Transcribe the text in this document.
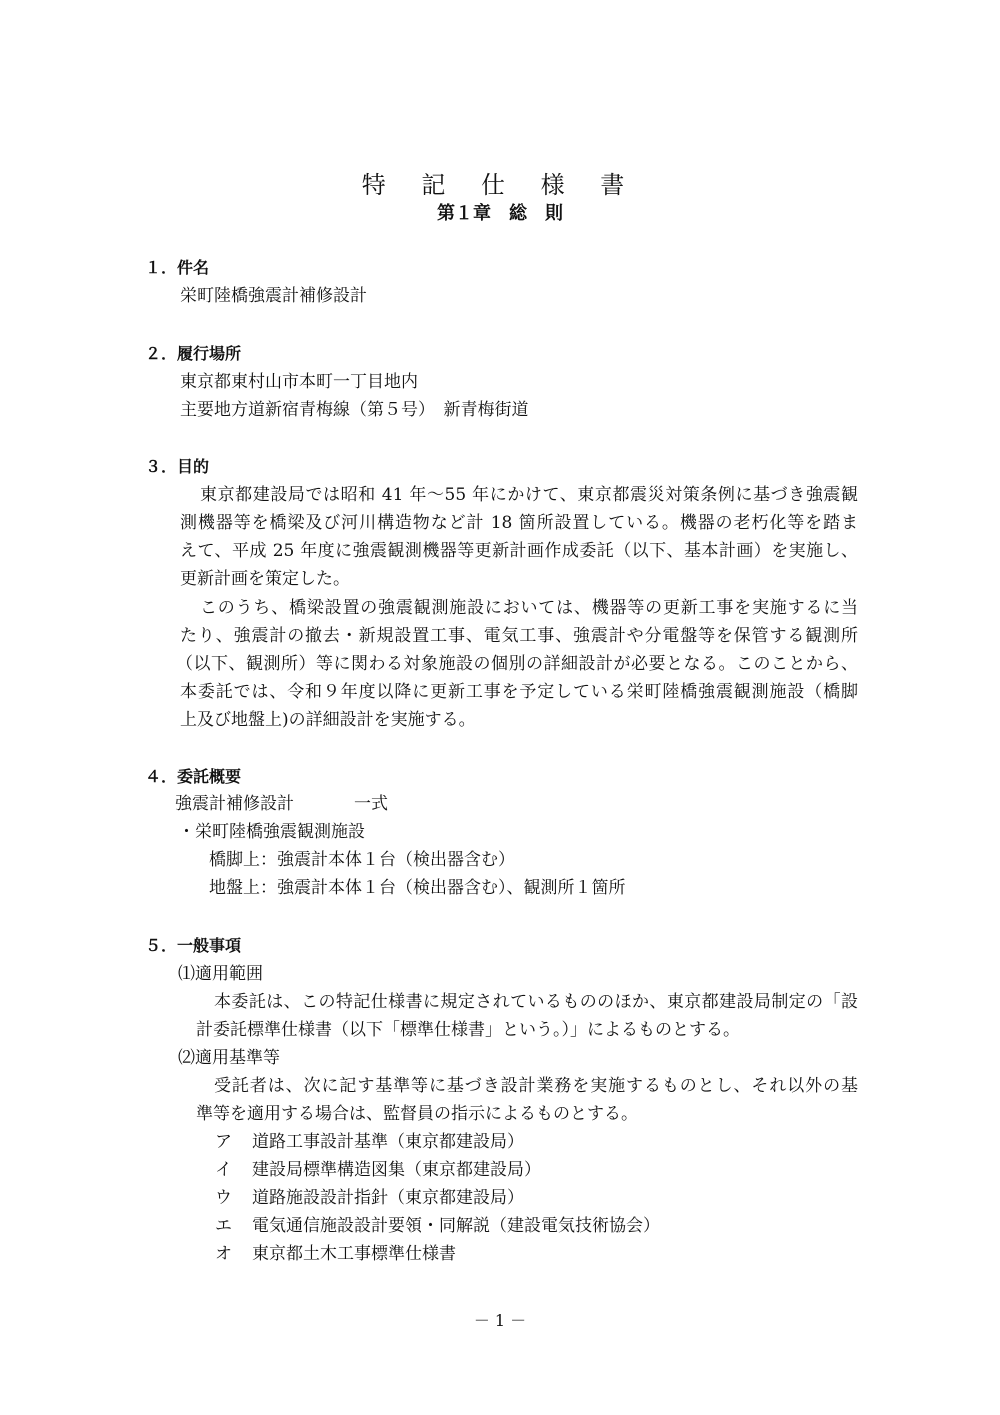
特 記 仕 様 書
第１章　総　則
１．件名
栄町陸橋強震計補修設計
２．履行場所
東京都東村山市本町一丁目地内
主要地方道新宿青梅線（第５号）　新青梅街道
３．目的
東京都建設局では昭和 41 年～55 年にかけて、東京都震災対策条例に基づき強震観
測機器等を橋梁及び河川構造物など計 18 箇所設置している。機器の老朽化等を踏ま
えて、平成 25 年度に強震観測機器等更新計画作成委託（以下、基本計画）を実施し、
更新計画を策定した。
このうち、橋梁設置の強震観測施設においては、機器等の更新工事を実施するに当
たり、強震計の撤去・新規設置工事、電気工事、強震計や分電盤等を保管する観測所
（以下、観測所）等に関わる対象施設の個別の詳細設計が必要となる。このことから、
本委託では、令和９年度以降に更新工事を予定している栄町陸橋強震観測施設（橋脚
上及び地盤上)の詳細設計を実施する。
４．委託概要
強震計補修設計	一式
・栄町陸橋強震観測施設
橋脚上：強震計本体１台（検出器含む）
地盤上：強震計本体１台（検出器含む）、観測所１箇所
５．一般事項
⑴適用範囲
本委託は、この特記仕様書に規定されているもののほか、東京都建設局制定の「設
計委託標準仕様書（以下「標準仕様書」という。）」によるものとする。
⑵適用基準等
受託者は、次に記す基準等に基づき設計業務を実施するものとし、それ以外の基
準等を適用する場合は、監督員の指示によるものとする。
ア 道路工事設計基準（東京都建設局）
イ 建設局標準構造図集（東京都建設局）
ウ 道路施設設計指針（東京都建設局）
エ 電気通信施設設計要領・同解説（建設電気技術協会）
オ 東京都土木工事標準仕様書
－ 1 －
